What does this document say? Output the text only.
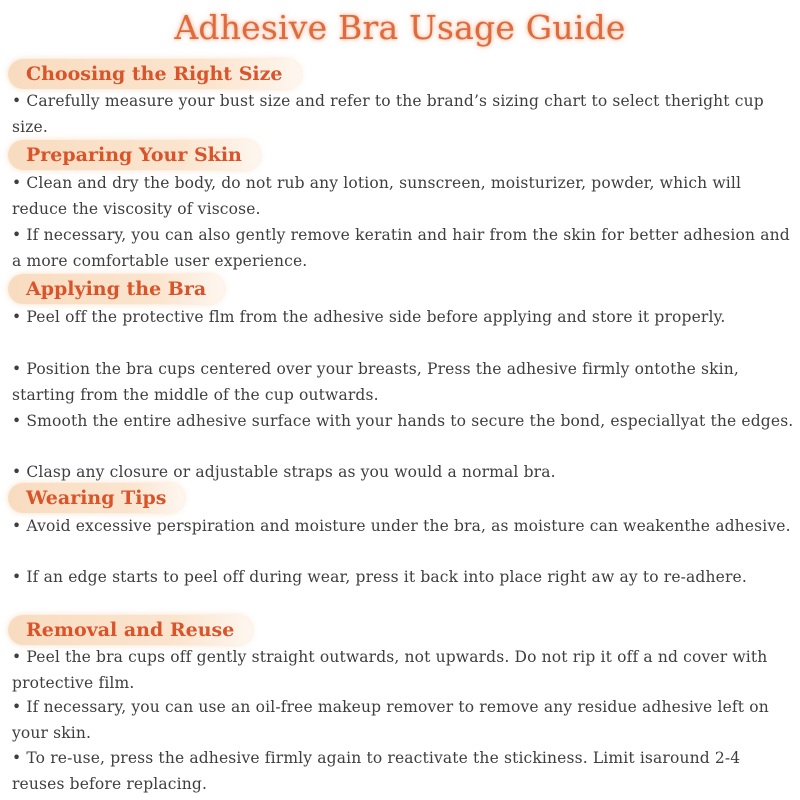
Adhesive Bra Usage Guide
Choosing the Right Size
• Carefully measure your bust size and refer to the brand’s sizing chart to select theright cup size.
Preparing Your Skin
• Clean and dry the body, do not rub any lotion, sunscreen, moisturizer, powder, which will reduce the viscosity of viscose.
• If necessary, you can also gently remove keratin and hair from the skin for better adhesion and a more comfortable user experience.
Applying the Bra
• Peel off the protective flm from the adhesive side before applying and store it properly.
• Position the bra cups centered over your breasts, Press the adhesive firmly ontothe skin, starting from the middle of the cup outwards.
• Smooth the entire adhesive surface with your hands to secure the bond, especiallyat the edges.
• Clasp any closure or adjustable straps as you would a normal bra.
Wearing Tips
• Avoid excessive perspiration and moisture under the bra, as moisture can weakenthe adhesive.
• If an edge starts to peel off during wear, press it back into place right aw ay to re-adhere.
Removal and Reuse
• Peel the bra cups off gently straight outwards, not upwards. Do not rip it off a nd cover with protective film.
• If necessary, you can use an oil-free makeup remover to remove any residue adhesive left on your skin.
• To re-use, press the adhesive firmly again to reactivate the stickiness. Limit isaround 2-4 reuses before replacing.
